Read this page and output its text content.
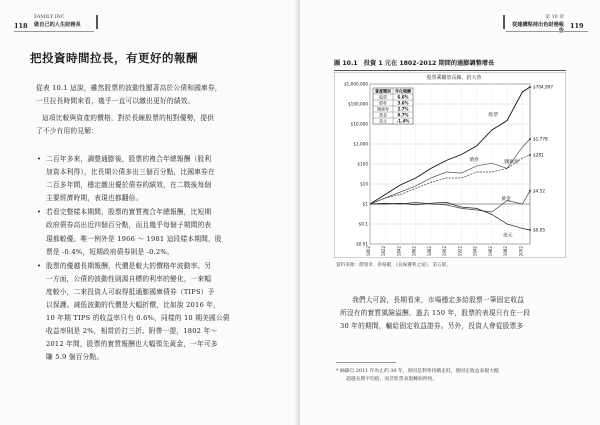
118
FAMILY INC
做自己的人生財務長
把投資時間拉長，有更好的報酬
從表 10.1 這說，雖然股票的波動性顯著高於公債和國庫券，
一旦拉長時間來看，幾乎一直可以繳出更好的績效。
這項比較與資產的價格，對於長線股票的相對優勢，提供
了不少有用的見解：
• 二百年多來，調整通膨後，股票的複合年總報酬（股利
加資本利得），比長期公債多出三個百分點，比國庫券在
二百多年間，穩定繳出優於債券的績效，在二戰後每個
主要經濟時期，表現也都翻倍。
• 若看完整樣本期間，股票的實質複合年總報酬，比短期
政府債券高出近四個百分點，而且幾乎每個子期間的表
現都較優。唯一例外是 1966 ～ 1981 這段樣本期間，股
票是 -0.4%，短期政府債券則是 -0.2%。
• 股票的優越長期報酬，代價是較大的價格年波動率。另
一方面，公債的波動性則源自標的利率的變化，一來幅
度較小，二來投資人可取得抵通膨國庫債券（TIPS）予
以保護。减低波動的代價是大幅折價，比如說 2016 年，
10 年期 TIPS 的收益率只有 0.6%，同樣的 10 期美國公債
收益率則是 2%，相當於打三折。附帶一提，1802 年～
2012 年間，股票的實質報酬也大幅領先黃金，一年可多
賺 5.9 個百分點。
119
第 10 章
從建構堅持出色財務報告
圖 10.1　投資 1 元在 1802-2012 期間的通膨調整增長
股票乘勵放長線，釣大魚
$1,000,000
$100,000
$10,000
$1,000
$100
$10
$1
$0.1
$0.01
1802	1822	1842	1862	1882	1902	1922	1942	1962	1982	2002
$704,997
股票
$1,778
債券
$281
國庫券
$4.52
黃金
$0.05
美元
資產類別 年化報酬
股票	6.6%
債券	3.6%
國庫券 2.7%
黃金	0.7%
美元 -1.4%
資料來源：傑瑞米．席格爾，《長線獲利之道》，第五版。
我們大可說，長期看來，市場穩定多給股票一筆固定收益
所沒有的實質風險溢酬，過去 150 年，股票的表現只有在一段
30 年的期間，輸給固定收益證券。另外，投資人會從股票多
* 摘錄自 2011 年為止的 30 年，原因是利率持續走低，使固定收益表現大幅
超越長期平均值，而非股票表現轉弱所致。
